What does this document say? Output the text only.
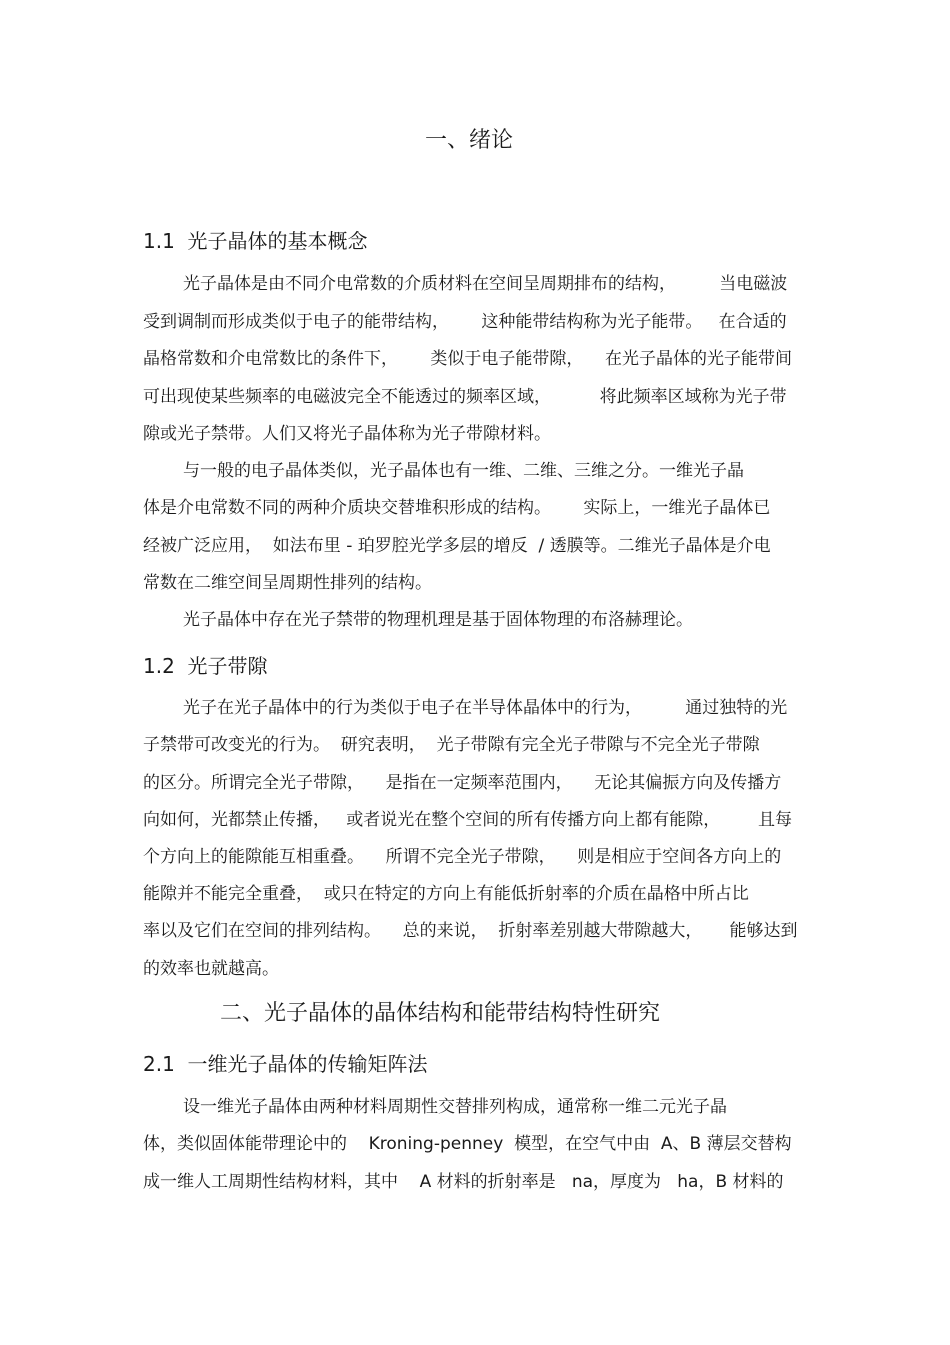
一、绪论
1.1  光子晶体的基本概念
光子晶体是由不同介电常数的介质材料在空间呈周期排布的结构，        当电磁波
受到调制而形成类似于电子的能带结构，      这种能带结构称为光子能带。   在合适的
晶格常数和介电常数比的条件下，      类似于电子能带隙，    在光子晶体的光子能带间
可出现使某些频率的电磁波完全不能透过的频率区域，         将此频率区域称为光子带
隙或光子禁带。人们又将光子晶体称为光子带隙材料。
与一般的电子晶体类似，光子晶体也有一维、二维、三维之分。一维光子晶
体是介电常数不同的两种介质块交替堆积形成的结构。      实际上，一维光子晶体已
经被广泛应用，  如法布里 - 珀罗腔光学多层的增反  / 透膜等。二维光子晶体是介电
常数在二维空间呈周期性排列的结构。
光子晶体中存在光子禁带的物理机理是基于固体物理的布洛赫理论。
1.2  光子带隙
光子在光子晶体中的行为类似于电子在半导体晶体中的行为，        通过独特的光
子禁带可改变光的行为。  研究表明，  光子带隙有完全光子带隙与不完全光子带隙
的区分。所谓完全光子带隙，    是指在一定频率范围内，    无论其偏振方向及传播方
向如何，光都禁止传播，   或者说光在整个空间的所有传播方向上都有能隙，       且每
个方向上的能隙能互相重叠。    所谓不完全光子带隙，    则是相应于空间各方向上的
能隙并不能完全重叠，  或只在特定的方向上有能低折射率的介质在晶格中所占比
率以及它们在空间的排列结构。    总的来说，  折射率差别越大带隙越大，     能够达到
的效率也就越高。
二、光子晶体的晶体结构和能带结构特性研究
2.1  一维光子晶体的传输矩阵法
设一维光子晶体由两种材料周期性交替排列构成，通常称一维二元光子晶
体，类似固体能带理论中的    Kroning-penney  模型，在空气中由  A、B 薄层交替构
成一维人工周期性结构材料，其中    A 材料的折射率是   na，厚度为   ha，B 材料的
